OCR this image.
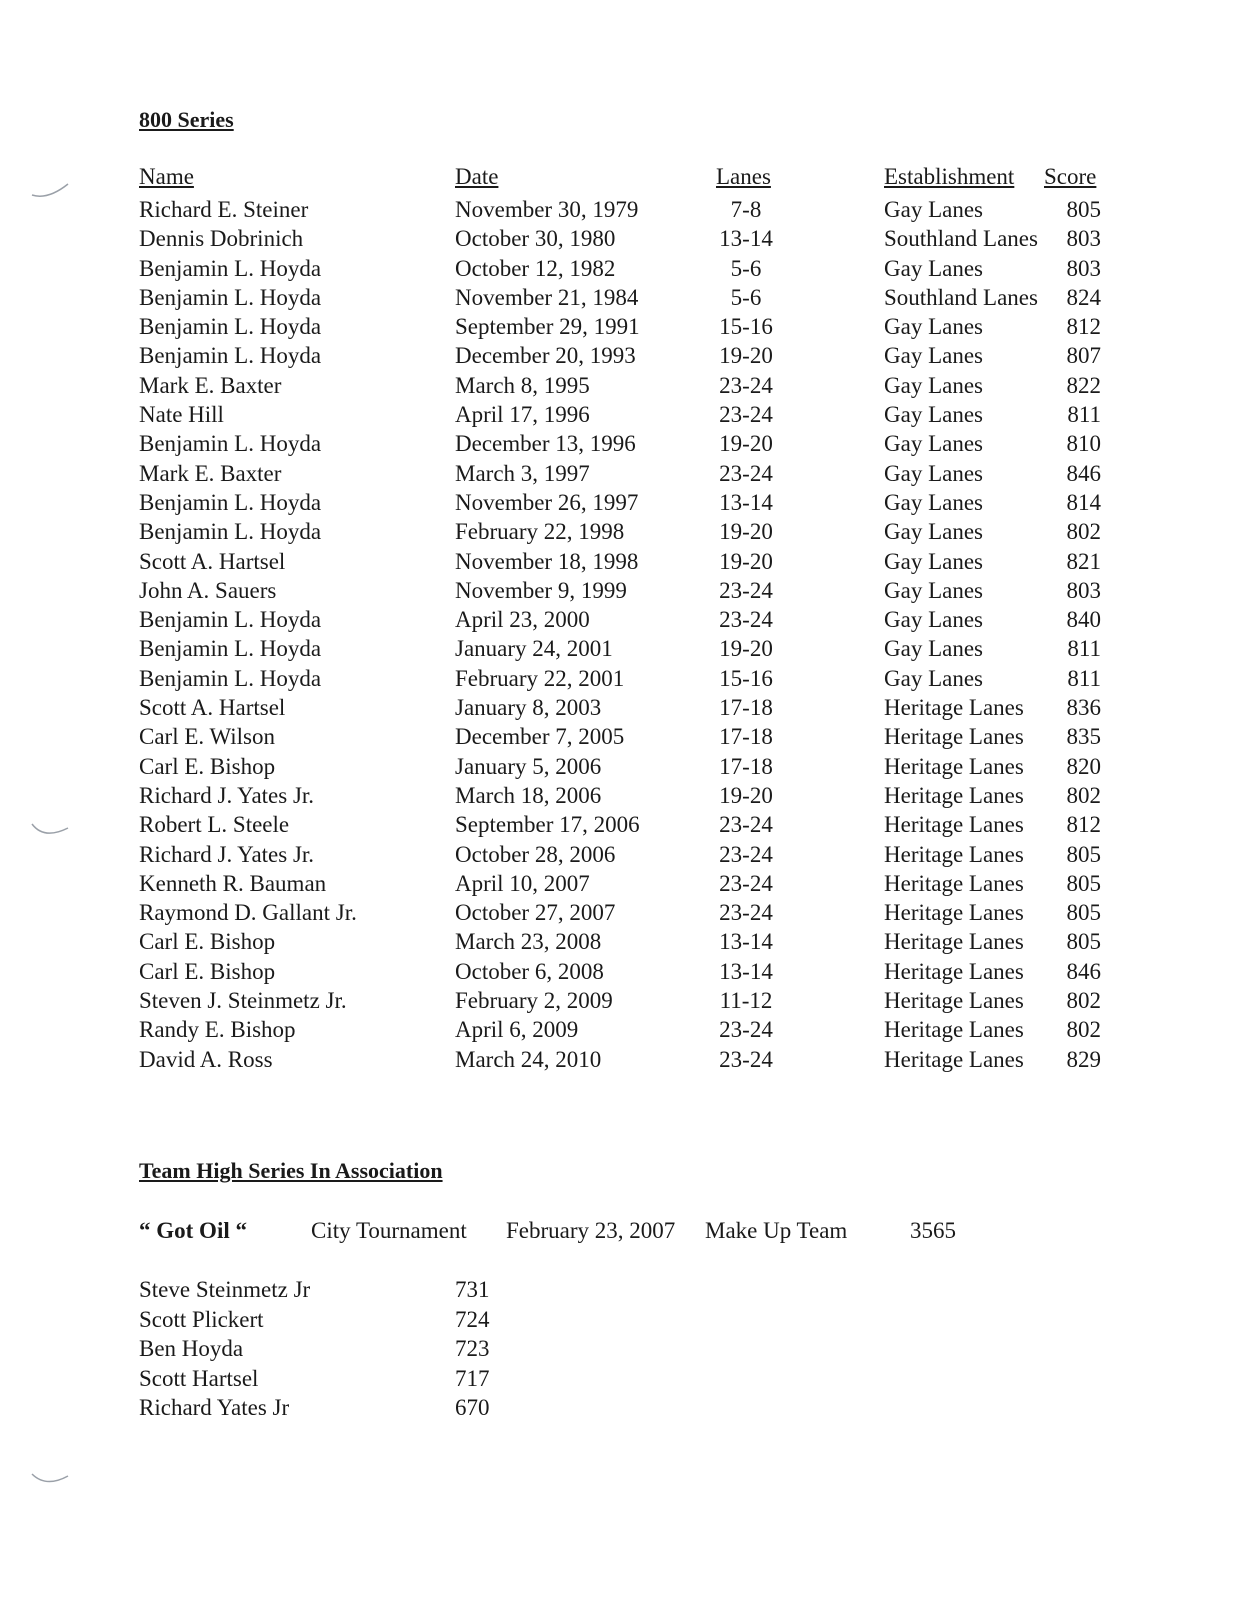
800 Series
Name	Date	Lanes	Establishment Score
Richard E. Steiner	November 30, 1979	7-8	Gay Lanes	805
Dennis Dobrinich	October 30, 1980	13-14	Southland Lanes 803
Benjamin L. Hoyda	October 12, 1982	5-6	Gay Lanes	803
Benjamin L. Hoyda	November 21, 1984	5-6	Southland Lanes 824
Benjamin L. Hoyda	September 29, 1991	15-16	Gay Lanes	812
Benjamin L. Hoyda	December 20, 1993	19-20	Gay Lanes	807
Mark E. Baxter	March 8, 1995	23-24	Gay Lanes	822
Nate Hill	April 17, 1996	23-24	Gay Lanes	811
Benjamin L. Hoyda	December 13, 1996	19-20	Gay Lanes	810
Mark E. Baxter	March 3, 1997	23-24	Gay Lanes	846
Benjamin L. Hoyda	November 26, 1997	13-14	Gay Lanes	814
Benjamin L. Hoyda	February 22, 1998	19-20	Gay Lanes	802
Scott A. Hartsel	November 18, 1998	19-20	Gay Lanes	821
John A. Sauers	November 9, 1999	23-24	Gay Lanes	803
Benjamin L. Hoyda	April 23, 2000	23-24	Gay Lanes	840
Benjamin L. Hoyda	January 24, 2001	19-20	Gay Lanes	811
Benjamin L. Hoyda	February 22, 2001	15-16	Gay Lanes	811
Scott A. Hartsel	January 8, 2003	17-18	Heritage Lanes 836
Carl E. Wilson	December 7, 2005	17-18	Heritage Lanes 835
Carl E. Bishop	January 5, 2006	17-18	Heritage Lanes 820
Richard J. Yates Jr.	March 18, 2006	19-20	Heritage Lanes 802
Robert L. Steele	September 17, 2006	23-24	Heritage Lanes 812
Richard J. Yates Jr.	October 28, 2006	23-24	Heritage Lanes 805
Kenneth R. Bauman	April 10, 2007	23-24	Heritage Lanes 805
Raymond D. Gallant Jr.	October 27, 2007	23-24	Heritage Lanes 805
Carl E. Bishop	March 23, 2008	13-14	Heritage Lanes 805
Carl E. Bishop	October 6, 2008	13-14	Heritage Lanes 846
Steven J. Steinmetz Jr.	February 2, 2009	11-12	Heritage Lanes 802
Randy E. Bishop	April 6, 2009	23-24	Heritage Lanes 802
David A. Ross	March 24, 2010	23-24	Heritage Lanes 829
Team High Series In Association
“ Got Oil “	City Tournament February 23, 2007 Make Up Team	3565
Steve Steinmetz Jr	731
Scott Plickert	724
Ben Hoyda	723
Scott Hartsel	717
Richard Yates Jr	670
